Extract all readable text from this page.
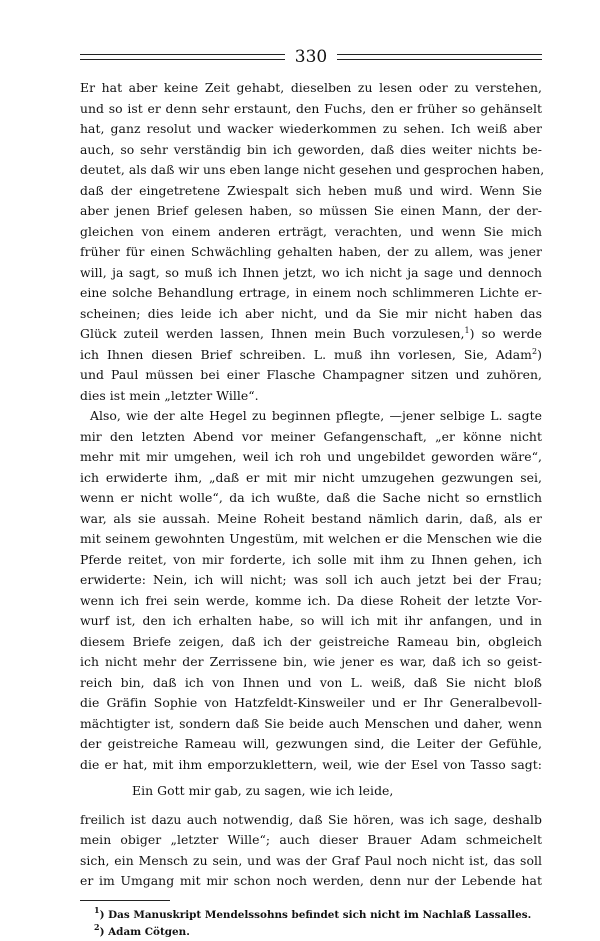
330
Er hat aber keine Zeit gehabt, dieselben zu lesen oder zu verstehen,
und so ist er denn sehr erstaunt, den Fuchs, den er früher so gehänselt
hat, ganz resolut und wacker wiederkommen zu sehen. Ich weiß aber
auch, so sehr verständig bin ich geworden, daß dies weiter nichts be-
deutet, als daß wir uns eben lange nicht gesehen und gesprochen haben,
daß der eingetretene Zwiespalt sich heben muß und wird. Wenn Sie
aber jenen Brief gelesen haben, so müssen Sie einen Mann, der der-
gleichen von einem anderen erträgt, verachten, und wenn Sie mich
früher für einen Schwächling gehalten haben, der zu allem, was jener
will, ja sagt, so muß ich Ihnen jetzt, wo ich nicht ja sage und dennoch
eine solche Behandlung ertrage, in einem noch schlimmeren Lichte er-
scheinen; dies leide ich aber nicht, und da Sie mir nicht haben das
Glück zuteil werden lassen, Ihnen mein Buch vorzulesen,$^1$) so werde
ich Ihnen diesen Brief schreiben. L. muß ihn vorlesen, Sie, Adam$^2$)
und Paul müssen bei einer Flasche Champagner sitzen und zuhören,
dies ist mein „letzter Wille“.
Also, wie der alte Hegel zu beginnen pflegte, —jener selbige L. sagte
mir den letzten Abend vor meiner Gefangenschaft, „er könne nicht
mehr mit mir umgehen, weil ich roh und ungebildet geworden wäre“,
ich erwiderte ihm, „daß er mit mir nicht umzugehen gezwungen sei,
wenn er nicht wolle“, da ich wußte, daß die Sache nicht so ernstlich
war, als sie aussah. Meine Roheit bestand nämlich darin, daß, als er
mit seinem gewohnten Ungestüm, mit welchen er die Menschen wie die
Pferde reitet, von mir forderte, ich solle mit ihm zu Ihnen gehen, ich
erwiderte: Nein, ich will nicht; was soll ich auch jetzt bei der Frau;
wenn ich frei sein werde, komme ich. Da diese Roheit der letzte Vor-
wurf ist, den ich erhalten habe, so will ich mit ihr anfangen, und in
diesem Briefe zeigen, daß ich der geistreiche Rameau bin, obgleich
ich nicht mehr der Zerrissene bin, wie jener es war, daß ich so geist-
reich bin, daß ich von Ihnen und von L. weiß, daß Sie nicht bloß
die Gräfin Sophie von Hatzfeldt-Kinsweiler und er Ihr Generalbevoll-
mächtigter ist, sondern daß Sie beide auch Menschen und daher, wenn
der geistreiche Rameau will, gezwungen sind, die Leiter der Gefühle,
die er hat, mit ihm emporzuklettern, weil, wie der Esel von Tasso sagt:
Ein Gott mir gab, zu sagen, wie ich leide,
freilich ist dazu auch notwendig, daß Sie hören, was ich sage, deshalb
mein obiger „letzter Wille“; auch dieser Brauer Adam schmeichelt
sich, ein Mensch zu sein, und was der Graf Paul noch nicht ist, das soll
er im Umgang mit mir schon noch werden, denn nur der Lebende hat
$^1$) Das Manuskript Mendelssohns befindet sich nicht im Nachlaß Lassalles.
$^2$) Adam Cötgen.
